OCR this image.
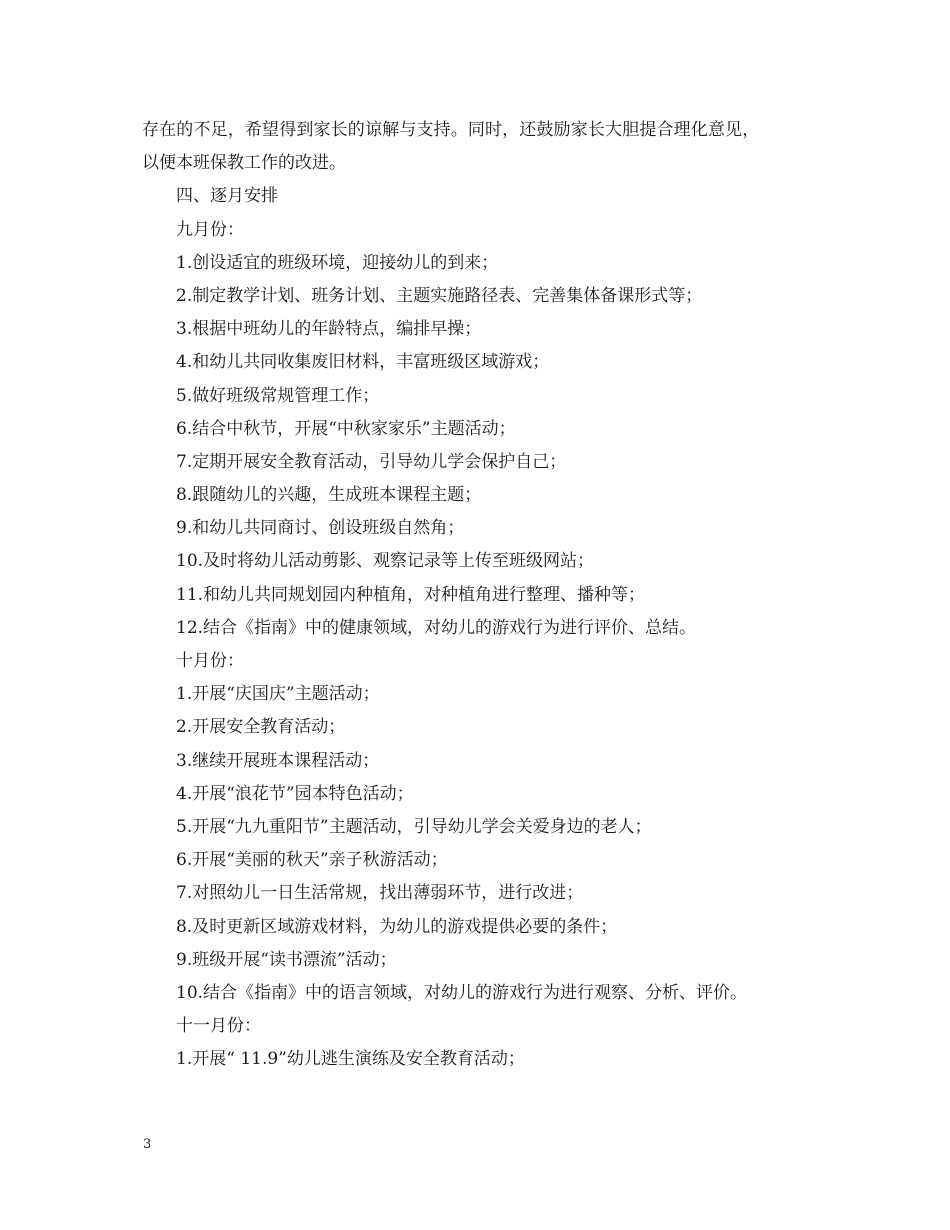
存在的不足，希望得到家长的谅解与支持。同时，还鼓励家长大胆提合理化意见，
以便本班保教工作的改进。
四、逐月安排
九月份：
1.创设适宜的班级环境，迎接幼儿的到来；
2.制定教学计划、班务计划、主题实施路径表、完善集体备课形式等；
3.根据中班幼儿的年龄特点，编排早操；
4.和幼儿共同收集废旧材料，丰富班级区域游戏；
5.做好班级常规管理工作；
6.结合中秋节，开展“中秋家家乐”主题活动；
7.定期开展安全教育活动，引导幼儿学会保护自己；
8.跟随幼儿的兴趣，生成班本课程主题；
9.和幼儿共同商讨、创设班级自然角；
10.及时将幼儿活动剪影、观察记录等上传至班级网站；
11.和幼儿共同规划园内种植角，对种植角进行整理、播种等；
12.结合《指南》中的健康领域，对幼儿的游戏行为进行评价、总结。
十月份：
1.开展“庆国庆”主题活动；
2.开展安全教育活动；
3.继续开展班本课程活动；
4.开展“浪花节”园本特色活动；
5.开展“九九重阳节”主题活动，引导幼儿学会关爱身边的老人；
6.开展“美丽的秋天”亲子秋游活动；
7.对照幼儿一日生活常规，找出薄弱环节，进行改进；
8.及时更新区域游戏材料，为幼儿的游戏提供必要的条件；
9.班级开展“读书漂流”活动；
10.结合《指南》中的语言领域，对幼儿的游戏行为进行观察、分析、评价。
十一月份：
1.开展“ 11.9”幼儿逃生演练及安全教育活动；
3
